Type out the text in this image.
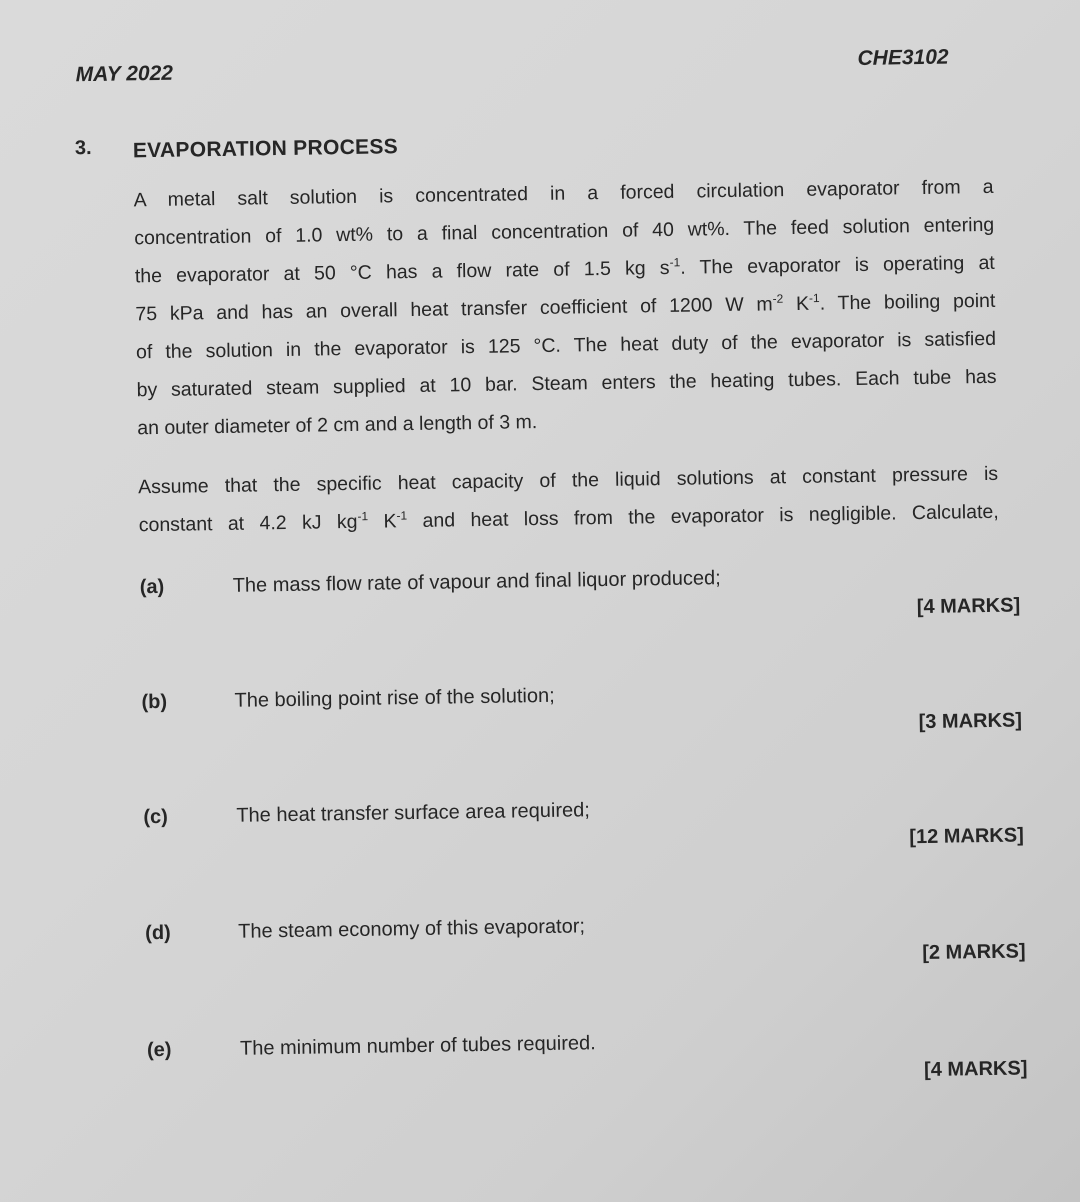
MAY 2022
CHE3102
3. EVAPORATION PROCESS
A metal salt solution is concentrated in a forced circulation evaporator from a
concentration of 1.0 wt% to a final concentration of 40 wt%. The feed solution entering
the evaporator at 50 °C has a flow rate of 1.5 kg $s^{-1}$. The evaporator is operating at
75 kPa and has an overall heat transfer coefficient of 1200 W $m^{-2}$ $K^{-1}$. The boiling point
of the solution in the evaporator is 125 °C. The heat duty of the evaporator is satisfied
by saturated steam supplied at 10 bar. Steam enters the heating tubes. Each tube has
an outer diameter of 2 cm and a length of 3 m.
Assume that the specific heat capacity of the liquid solutions at constant pressure is
constant at 4.2 kJ $kg^{-1}$ $K^{-1}$ and heat loss from the evaporator is negligible. Calculate,
(a)	The mass flow rate of vapour and final liquor produced;
[4 MARKS]
(b)	The boiling point rise of the solution;
[3 MARKS]
(c)	The heat transfer surface area required;
[12 MARKS]
(d)	The steam economy of this evaporator;
[2 MARKS]
(e)	The minimum number of tubes required.
[4 MARKS]
